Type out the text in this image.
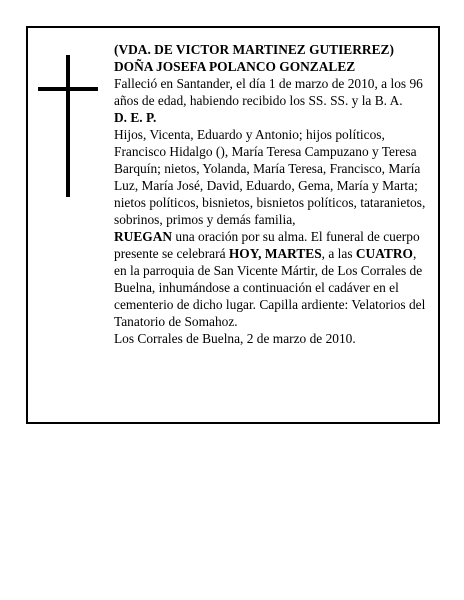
(VDA. DE VICTOR MARTINEZ GUTIERREZ)

DOÑA JOSEFA POLANCO GONZALEZ

Falleció en Santander, el día 1 de marzo de 2010, a los 96 años de edad, habiendo recibido los SS. SS. y la B. A.

D. E. P.

Hijos, Vicenta, Eduardo y Antonio; hijos políticos, Francisco Hidalgo (), María Teresa Campuzano y Teresa Barquín; nietos, Yolanda, María Teresa, Francisco, María Luz, María José, David, Eduardo, Gema, María y Marta; nietos políticos, bisnietos, bisnietos políticos, tataranietos, sobrinos, primos y demás familia,

RUEGAN una oración por su alma. El funeral de cuerpo presente se celebrará HOY, MARTES, a las CUATRO, en la parroquia de San Vicente Mártir, de Los Corrales de Buelna, inhumándose a continuación el cadáver en el cementerio de dicho lugar. Capilla ardiente: Velatorios del Tanatorio de Somahoz.

Los Corrales de Buelna, 2 de marzo de 2010.
